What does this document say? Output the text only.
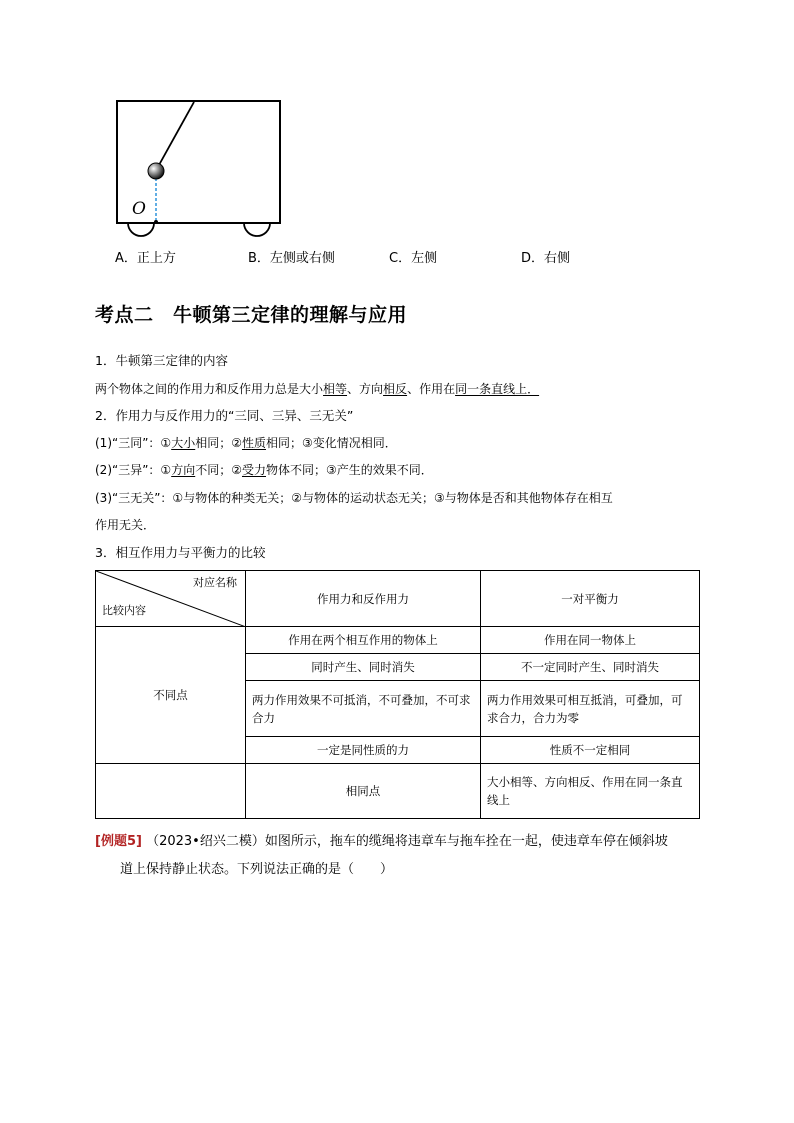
O
A．正上方	B．左侧或右侧	C．左侧	D．右侧
考点二　牛顿第三定律的理解与应用
1．牛顿第三定律的内容
两个物体之间的作用力和反作用力总是大小相等、方向相反、作用在同一条直线上．
2．作用力与反作用力的“三同、三异、三无关”
(1)“三同”：①大小相同；②性质相同；③变化情况相同．
(2)“三异”：①方向不同；②受力物体不同；③产生的效果不同．
(3)“三无关”：①与物体的种类无关；②与物体的运动状态无关；③与物体是否和其他物体存在相互
作用无关．
3．相互作用力与平衡力的比较
对应名称
比较内容	作用力和反作用力	一对平衡力
不同点	作用在两个相互作用的物体上	作用在同一物体上
	同时产生、同时消失	不一定同时产生、同时消失
	两力作用效果不可抵消，不可叠加，不可求合力	两力作用效果可相互抵消，可叠加，可求合力，合力为零
	一定是同性质的力	性质不一定相同
	相同点	大小相等、方向相反、作用在同一条直线上
[例题5] （2023•绍兴二模）如图所示，拖车的缆绳将违章车与拖车拴在一起，使违章车停在倾斜坡
道上保持静止状态。下列说法正确的是（　　）
